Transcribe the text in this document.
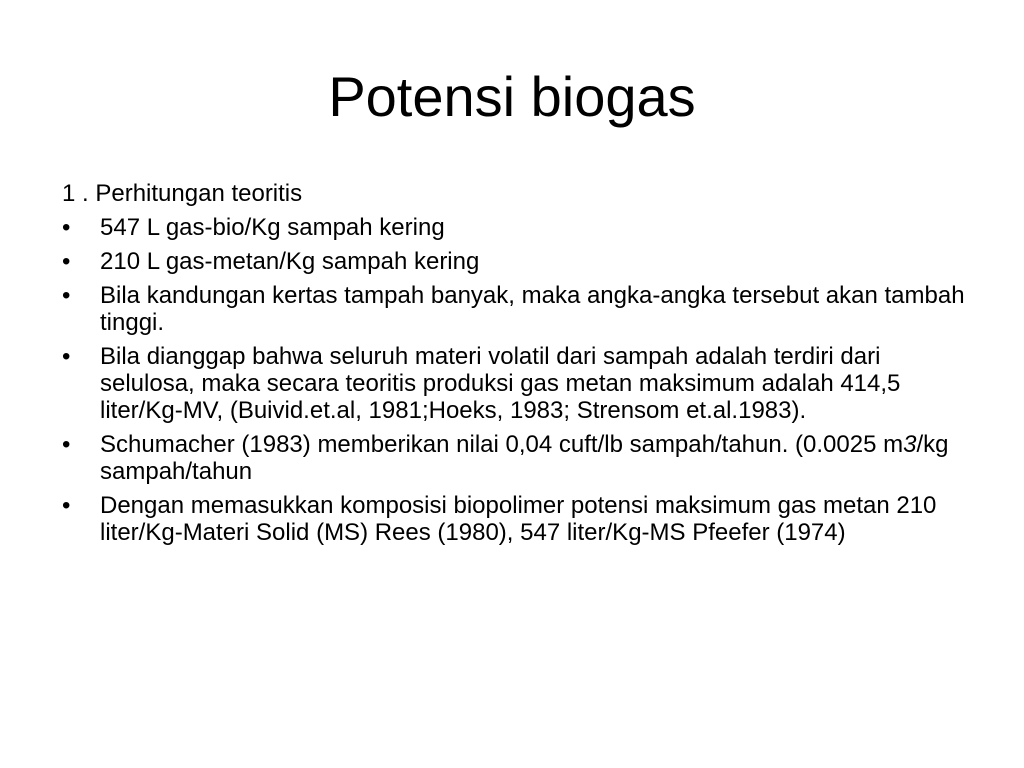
Potensi biogas
1 . Perhitungan teoritis
•	547 L gas-bio/Kg sampah kering
•	210 L gas-metan/Kg sampah kering
•	Bila kandungan kertas tampah banyak, maka angka-angka tersebut akan tambah tinggi.
•	Bila dianggap bahwa seluruh materi volatil dari sampah adalah terdiri dari selulosa, maka secara teoritis produksi gas metan maksimum adalah 414,5 liter/Kg-MV, (Buivid.et.al, 1981;Hoeks, 1983; Strensom et.al.1983).
•	Schumacher (1983) memberikan nilai 0,04 cuft/lb sampah/tahun. (0.0025 m3/kg sampah/tahun
•	Dengan memasukkan komposisi biopolimer potensi maksimum gas metan 210 liter/Kg-Materi Solid (MS) Rees (1980), 547 liter/Kg-MS Pfeefer (1974)
